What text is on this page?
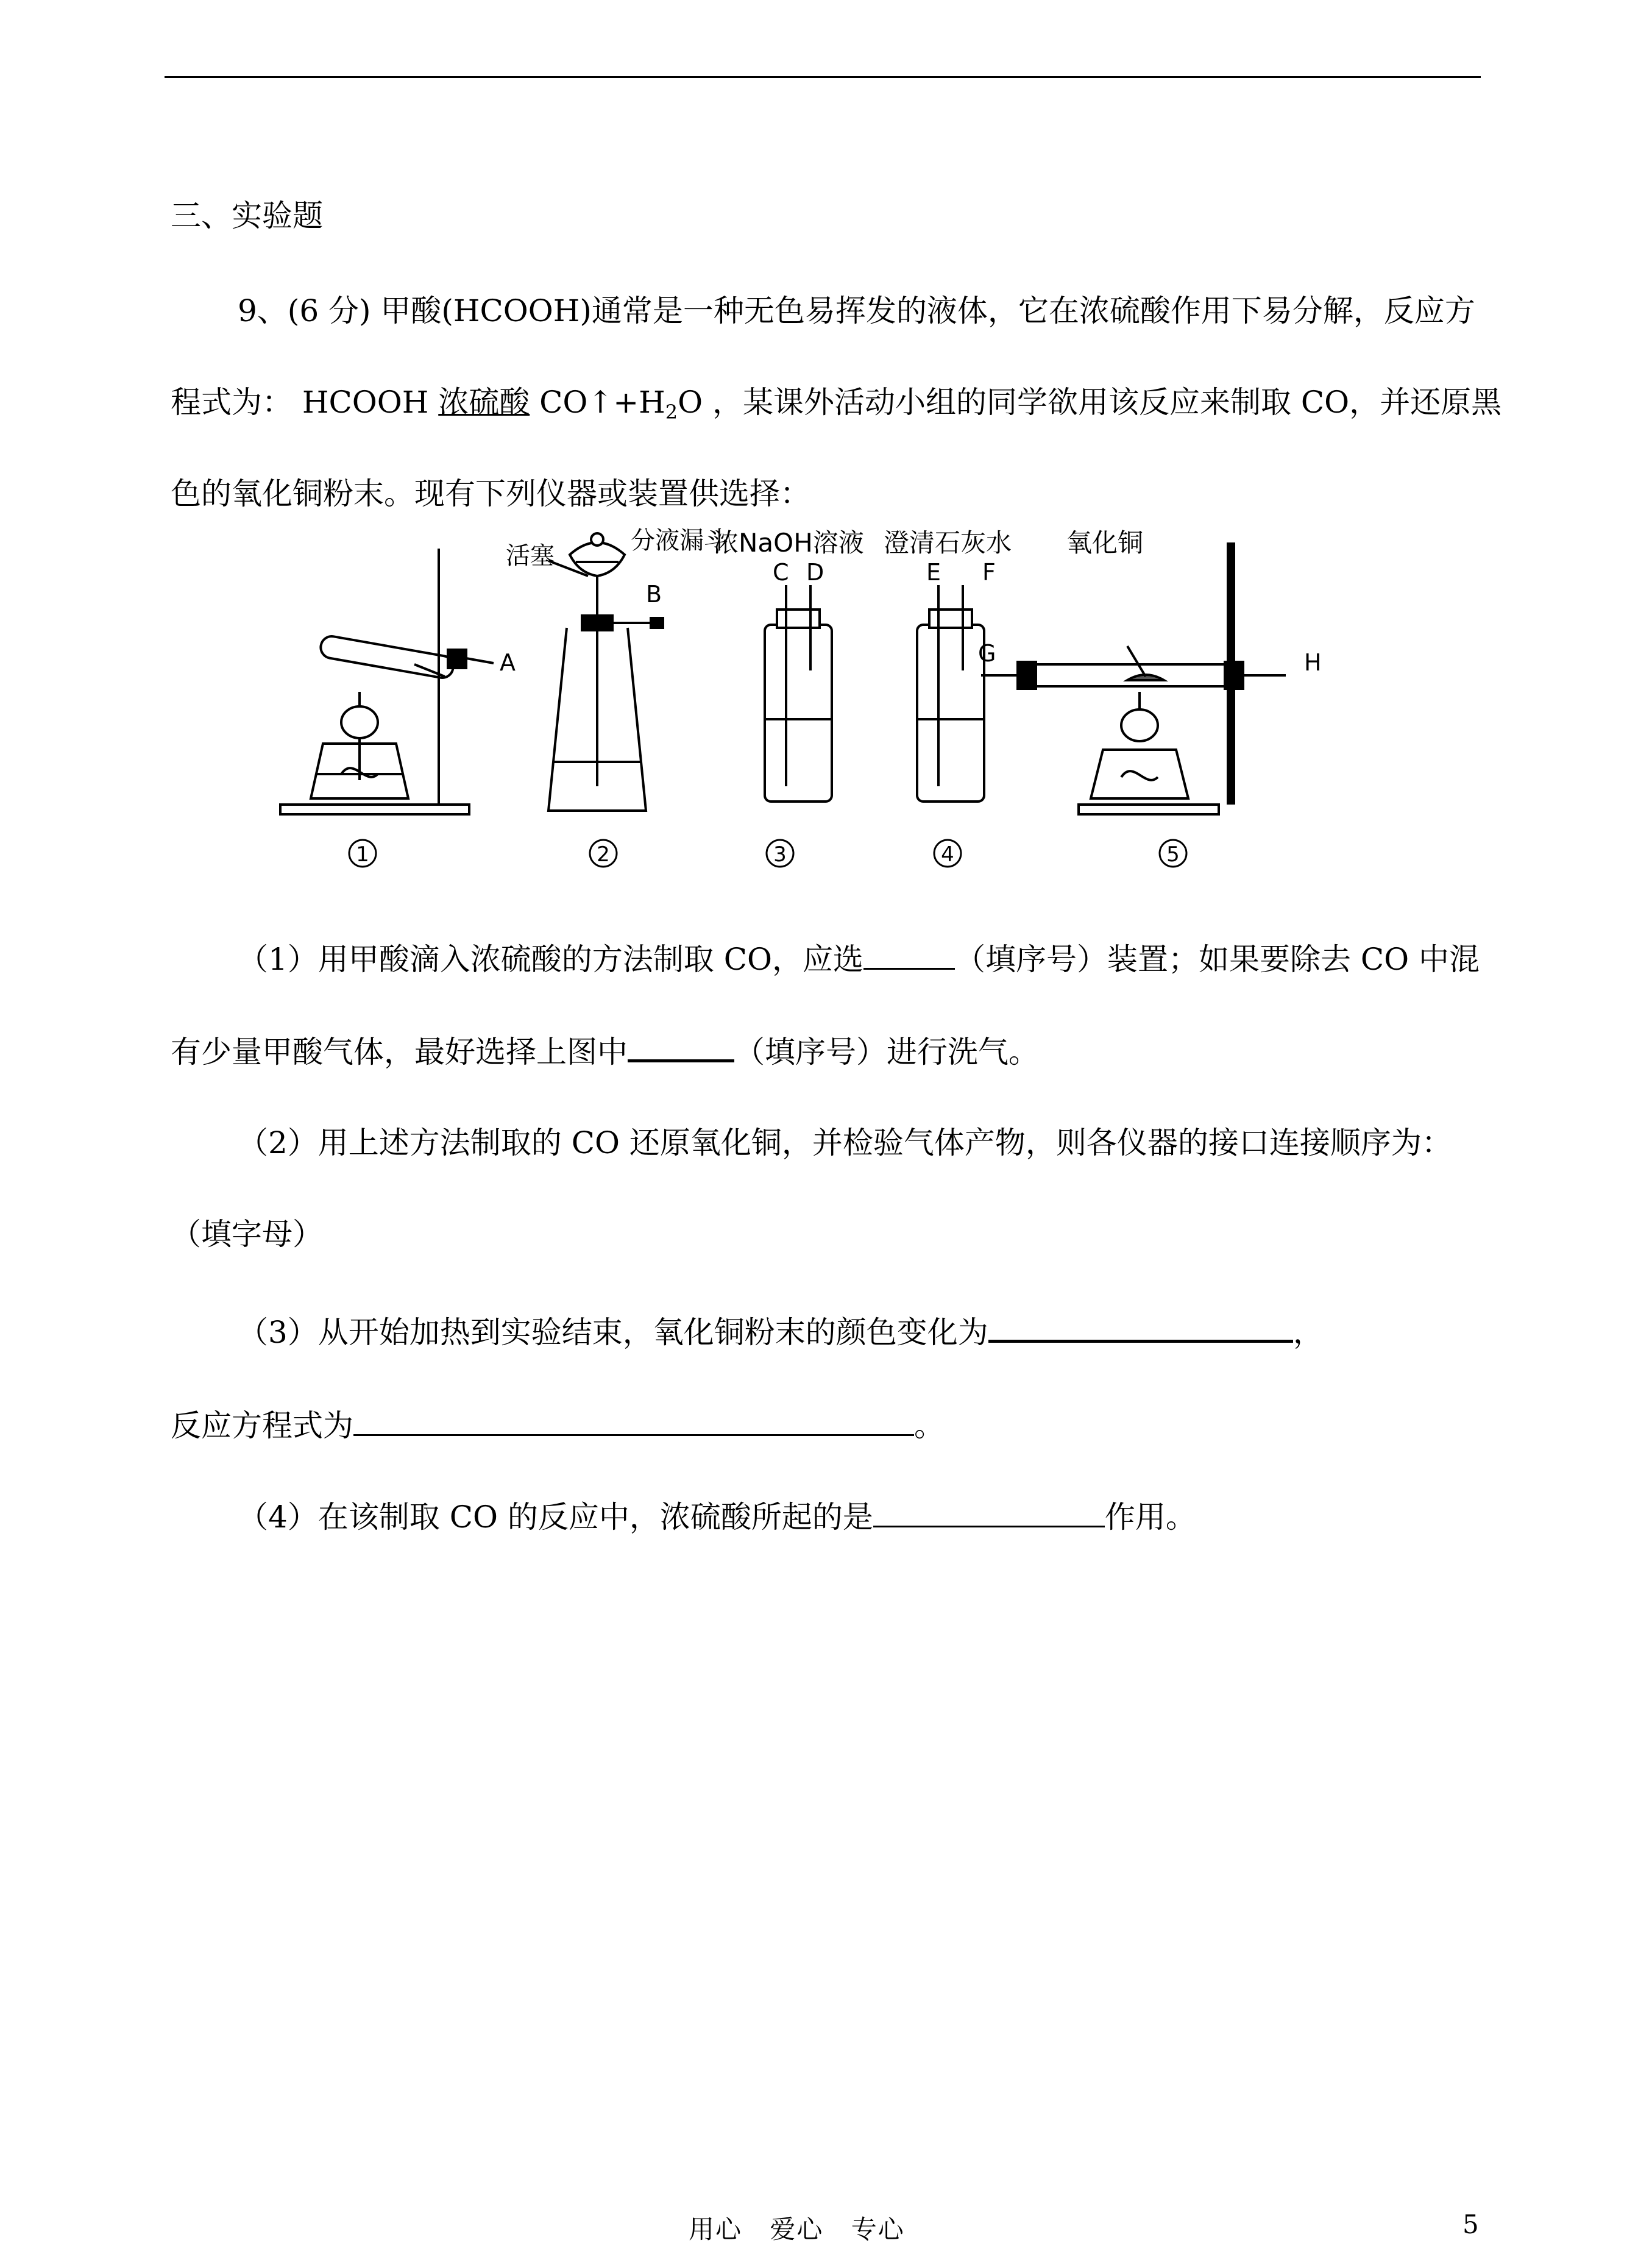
三、实验题
9、(6 分) 甲酸(HCOOH)通常是一种无色易挥发的液体，它在浓硫酸作用下易分解，反应方
程式为： HCOOH 浓硫酸 $CO↑+H_2O$ ，某课外活动小组的同学欲用该反应来制取 CO，并还原黑
色的氧化铜粉末。现有下列仪器或装置供选择：
A
B
C D	E F
G	H
活塞
分液漏斗
浓NaOH溶液 澄清石灰水 氧化铜
1	2	3	4	5
（1）用甲酸滴入浓硫酸的方法制取 CO，应选	（填序号）装置；如果要除去 CO 中混
有少量甲酸气体，最好选择上图中	（填序号）进行洗气。
（2）用上述方法制取的 CO 还原氧化铜，并检验气体产物，则各仪器的接口连接顺序为：
（填字母）
（3）从开始加热到实验结束，氧化铜粉末的颜色变化为	，
反应方程式为	。
（4）在该制取 CO 的反应中，浓硫酸所起的是	作用。
用心 爱心 专心	5
